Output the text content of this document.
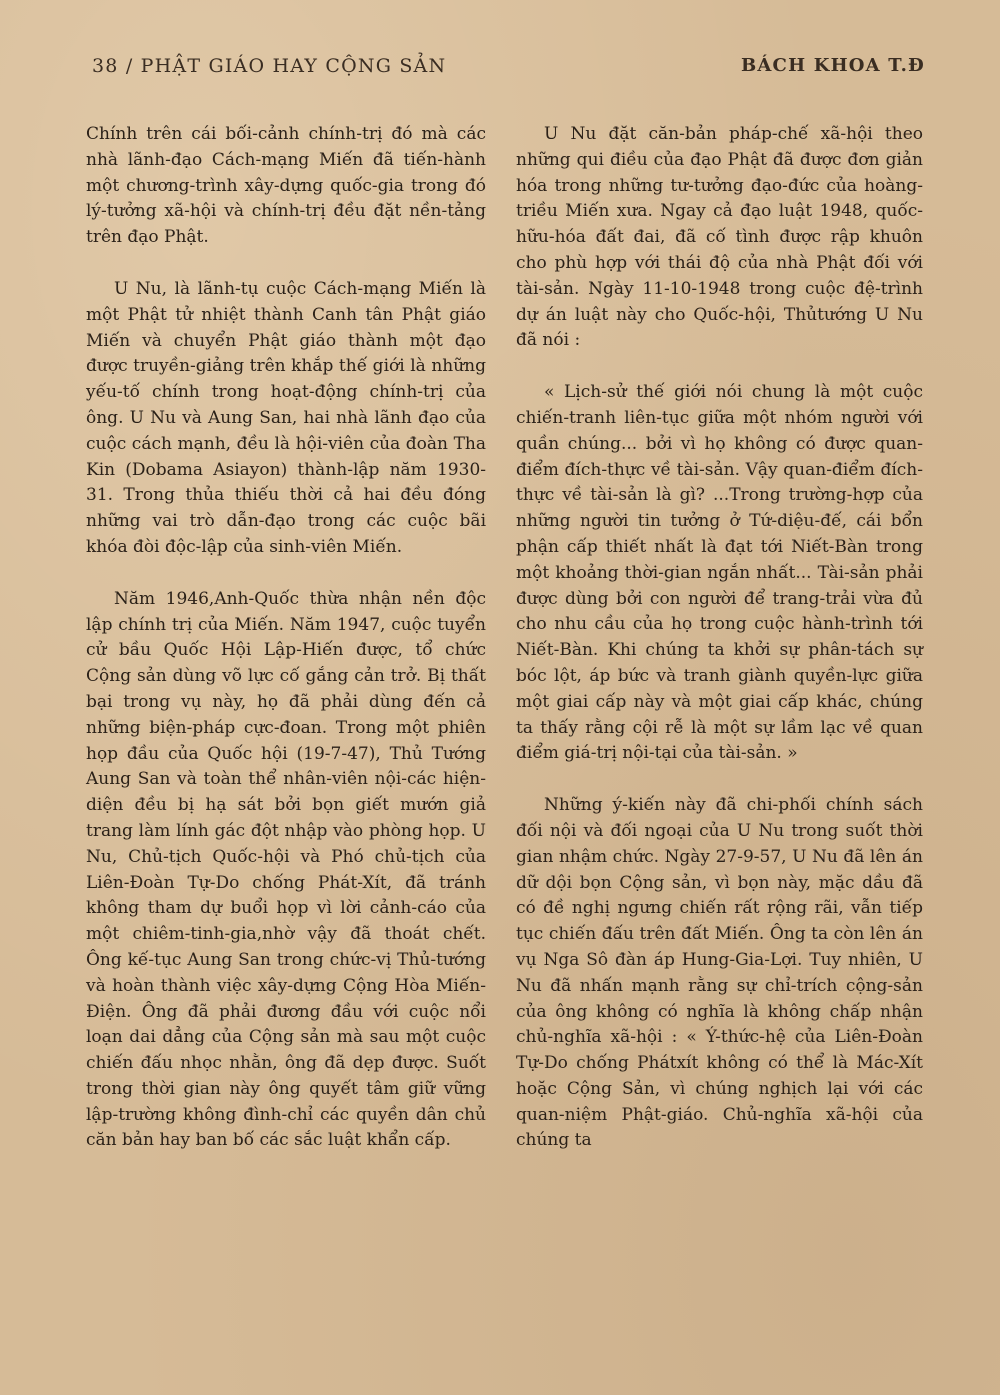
38 / PHẬT GIÁO HAY CỘNG SẢN	BÁCH KHOA T.Đ

Chính trên cái bối-cảnh chính-trị đó mà các nhà lãnh-đạo Cách-mạng Miến đã tiến-hành một chương-trình xây-dựng quốc-gia trong đó lý-tưởng xã-hội và chính-trị đều đặt nền-tảng trên đạo Phật.

U Nu, là lãnh-tụ cuộc Cách-mạng Miến là một Phật tử nhiệt thành Canh tân Phật giáo Miến và chuyển Phật giáo thành một đạo được truyền-giảng trên khắp thế giới là những yếu-tố chính trong hoạt-động chính-trị của ông. U Nu và Aung San, hai nhà lãnh đạo của cuộc cách mạnh, đều là hội-viên của đoàn Tha Kin (Dobama Asiayon) thành-lập năm 1930-31. Trong thủa thiếu thời cả hai đều đóng những vai trò dẫn-đạo trong các cuộc bãi khóa đòi độc-lập của sinh-viên Miến.

Năm 1946,Anh-Quốc thừa nhận nền độc lập chính trị của Miến. Năm 1947, cuộc tuyển cử bầu Quốc Hội Lập-Hiến được, tổ chức Cộng sản dùng võ lực cố gắng cản trở. Bị thất bại trong vụ này, họ đã phải dùng đến cả những biện-pháp cực-đoan. Trong một phiên họp đầu của Quốc hội (19-7-47), Thủ Tướng Aung San và toàn thể nhân-viên nội-các hiện-diện đều bị hạ sát bởi bọn giết mướn giả trang làm lính gác đột nhập vào phòng họp. U Nu, Chủ-tịch Quốc-hội và Phó chủ-tịch của Liên-Đoàn Tự-Do chống Phát-Xít, đã tránh không tham dự buổi họp vì lời cảnh-cáo của một chiêm-tinh-gia,nhờ vậy đã thoát chết. Ông kế-tục Aung San trong chức-vị Thủ-tướng và hoàn thành việc xây-dựng Cộng Hòa Miến-Điện. Ông đã phải đương đầu với cuộc nổi loạn dai dẳng của Cộng sản mà sau một cuộc chiến đấu nhọc nhằn, ông đã dẹp được. Suốt trong thời gian này ông quyết tâm giữ vững lập-trường không đình-chỉ các quyền dân chủ căn bản hay ban bố các sắc luật khẩn cấp.

U Nu đặt căn-bản pháp-chế xã-hội theo những qui điều của đạo Phật đã được đơn giản hóa trong những tư-tưởng đạo-đức của hoàng-triều Miến xưa. Ngay cả đạo luật 1948, quốc-hữu-hóa đất đai, đã cố tình được rập khuôn cho phù hợp với thái độ của nhà Phật đối với tài-sản. Ngày 11-10-1948 trong cuộc đệ-trình dự án luật này cho Quốc-hội, Thủtướng U Nu đã nói :

« Lịch-sử thế giới nói chung là một cuộc chiến-tranh liên-tục giữa một nhóm người với quần chúng... bởi vì họ không có được quan-điểm đích-thực về tài-sản. Vậy quan-điểm đích-thực về tài-sản là gì? ...Trong trường-hợp của những người tin tưởng ở Tứ-diệu-đế, cái bổn phận cấp thiết nhất là đạt tới Niết-Bàn trong một khoảng thời-gian ngắn nhất... Tài-sản phải được dùng bởi con người để trang-trải vừa đủ cho nhu cầu của họ trong cuộc hành-trình tới Niết-Bàn. Khi chúng ta khởi sự phân-tách sự bóc lột, áp bức và tranh giành quyền-lực giữa một giai cấp này và một giai cấp khác, chúng ta thấy rằng cội rễ là một sự lầm lạc về quan điểm giá-trị nội-tại của tài-sản. »

Những ý-kiến này đã chi-phối chính sách đối nội và đối ngoại của U Nu trong suốt thời gian nhậm chức. Ngày 27-9-57, U Nu đã lên án dữ dội bọn Cộng sản, vì bọn này, mặc dầu đã có đề nghị ngưng chiến rất rộng rãi, vẫn tiếp tục chiến đấu trên đất Miến. Ông ta còn lên án vụ Nga Sô đàn áp Hung-Gia-Lợi. Tuy nhiên, U Nu đã nhấn mạnh rằng sự chỉ-trích cộng-sản của ông không có nghĩa là không chấp nhận chủ-nghĩa xã-hội : « Ý-thức-hệ của Liên-Đoàn Tự-Do chống Phátxít không có thể là Mác-Xít hoặc Cộng Sản, vì chúng nghịch lại với các quan-niệm Phật-giáo. Chủ-nghĩa xã-hội của chúng ta
